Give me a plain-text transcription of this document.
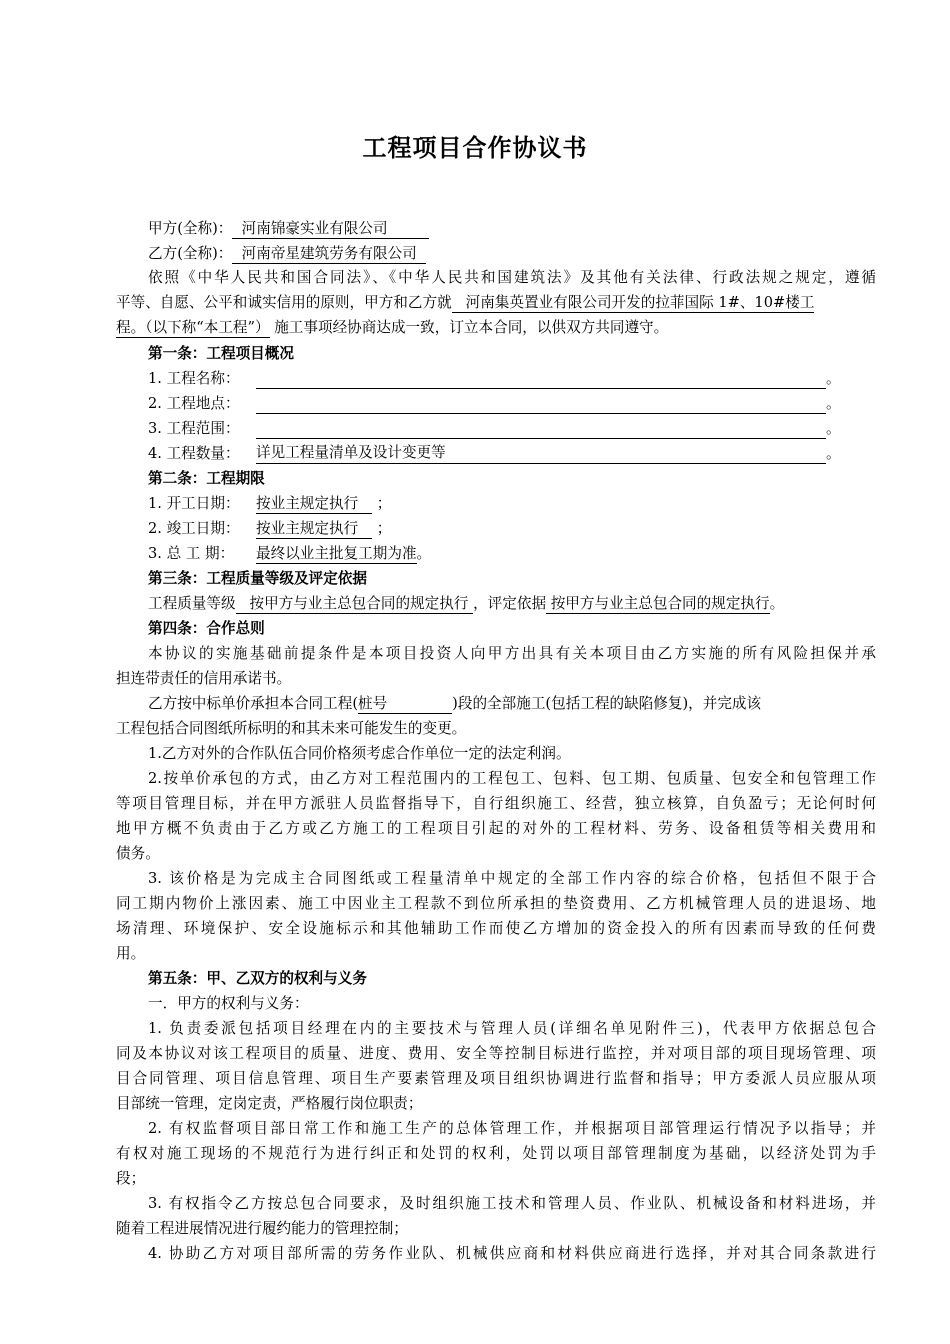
工程项目合作协议书
甲方(全称)： 河南锦豪实业有限公司
乙方(全称)： 河南帝星建筑劳务有限公司
依照《中华人民共和国合同法》、《中华人民共和国建筑法》及其他有关法律、行政法规之规定，遵循
平等、自愿、公平和诚实信用的原则，甲方和乙方就 河南集英置业有限公司开发的拉菲国际 1#、10#楼工
程。（以下称“本工程”） 施工事项经协商达成一致，订立本合同，以供双方共同遵守。
第一条：工程项目概况
1. 工程名称：	。
2. 工程地点：	。
3. 工程范围：	。
4. 工程数量： 详见工程量清单及设计变更等	。
第二条：工程期限
1. 开工日期： 按业主规定执行 ；
2. 竣工日期： 按业主规定执行 ；
3. 总 工 期： 最终以业主批复工期为准。
第三条：工程质量等级及评定依据
工程质量等级 按甲方与业主总包合同的规定执行 ，评定依据 按甲方与业主总包合同的规定执行。
第四条：合作总则
本协议的实施基础前提条件是本项目投资人向甲方出具有关本项目由乙方实施的所有风险担保并承
担连带责任的信用承诺书。
乙方按中标单价承担本合同工程(桩号              )段的全部施工(包括工程的缺陷修复)，并完成该
工程包括合同图纸所标明的和其未来可能发生的变更。
1.乙方对外的合作队伍合同价格须考虑合作单位一定的法定利润。
2.按单价承包的方式，由乙方对工程范围内的工程包工、包料、包工期、包质量、包安全和包管理工作
等项目管理目标，并在甲方派驻人员监督指导下，自行组织施工、经营，独立核算，自负盈亏；无论何时何
地甲方概不负责由于乙方或乙方施工的工程项目引起的对外的工程材料、劳务、设备租赁等相关费用和
债务。
3. 该价格是为完成主合同图纸或工程量清单中规定的全部工作内容的综合价格，包括但不限于合
同工期内物价上涨因素、施工中因业主工程款不到位所承担的垫资费用、乙方机械管理人员的进退场、地
场清理、环境保护、安全设施标示和其他辅助工作而使乙方增加的资金投入的所有因素而导致的任何费
用。
第五条：甲、乙双方的权利与义务
一．甲方的权利与义务：
1. 负责委派包括项目经理在内的主要技术与管理人员(详细名单见附件三)，代表甲方依据总包合
同及本协议对该工程项目的质量、进度、费用、安全等控制目标进行监控，并对项目部的项目现场管理、项
目合同管理、项目信息管理、项目生产要素管理及项目组织协调进行监督和指导；甲方委派人员应服从项
目部统一管理，定岗定责，严格履行岗位职责；
2. 有权监督项目部日常工作和施工生产的总体管理工作，并根据项目部管理运行情况予以指导；并
有权对施工现场的不规范行为进行纠正和处罚的权利，处罚以项目部管理制度为基础，以经济处罚为手
段；
3. 有权指令乙方按总包合同要求，及时组织施工技术和管理人员、作业队、机械设备和材料进场，并
随着工程进展情况进行履约能力的管理控制；
4. 协助乙方对项目部所需的劳务作业队、机械供应商和材料供应商进行选择，并对其合同条款进行
